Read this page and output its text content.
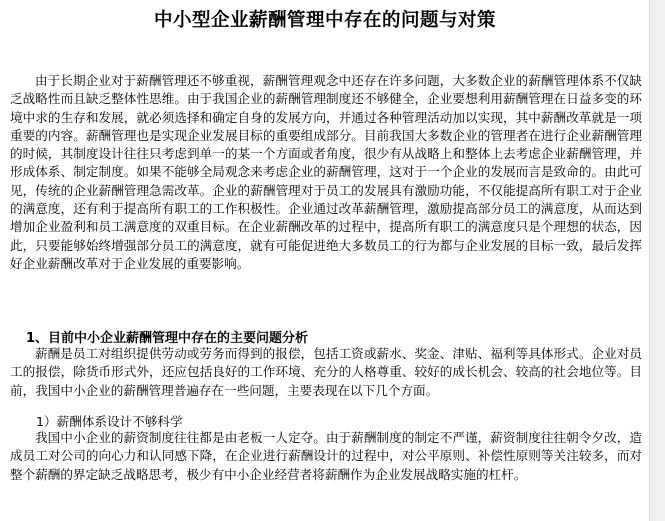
中小型企业薪酬管理中存在的问题与对策
由于长期企业对于薪酬管理还不够重视，薪酬管理观念中还存在许多问题，大多数企业的薪酬管理体系不仅缺乏战略性而且缺乏整体性思维。由于我国企业的薪酬管理制度还不够健全，企业要想利用薪酬管理在日益多变的环境中求的生存和发展，就必须选择和确定自身的发展方向，并通过各种管理活动加以实现，其中薪酬改革就是一项重要的内容。薪酬管理也是实现企业发展目标的重要组成部分。目前我国大多数企业的管理者在进行企业薪酬管理的时候，其制度设计往往只考虑到单一的某一个方面或者角度，很少有从战略上和整体上去考虑企业薪酬管理，并形成体系、制定制度。如果不能够全局观念来考虑企业的薪酬管理，这对于一个企业的发展而言是致命的。由此可见，传统的企业薪酬管理急需改革。企业的薪酬管理对于员工的发展具有激励功能，不仅能提高所有职工对于企业的满意度，还有利于提高所有职工的工作积极性。企业通过改革薪酬管理，激励提高部分员工的满意度，从而达到增加企业盈利和员工满意度的双重目标。在企业薪酬改革的过程中，提高所有职工的满意度只是个理想的状态，因此，只要能够始终增强部分员工的满意度，就有可能促进绝大多数员工的行为都与企业发展的目标一致，最后发挥好企业薪酬改革对于企业发展的重要影响。
1、目前中小企业薪酬管理中存在的主要问题分析
薪酬是员工对组织提供劳动或劳务而得到的报偿，包括工资或薪水、奖金、津贴、福利等具体形式。企业对员工的报偿，除货币形式外，还应包括良好的工作环境、充分的人格尊重、较好的成长机会、较高的社会地位等。目前，我国中小企业的薪酬管理普遍存在一些问题，主要表现在以下几个方面。
1）薪酬体系设计不够科学
我国中小企业的薪资制度往往都是由老板一人定夺。由于薪酬制度的制定不严谨，薪资制度往往朝令夕改，造成员工对公司的向心力和认同感下降，在企业进行薪酬设计的过程中，对公平原则、补偿性原则等关注较多，而对整个薪酬的界定缺乏战略思考，极少有中小企业经营者将薪酬作为企业发展战略实施的杠杆。
